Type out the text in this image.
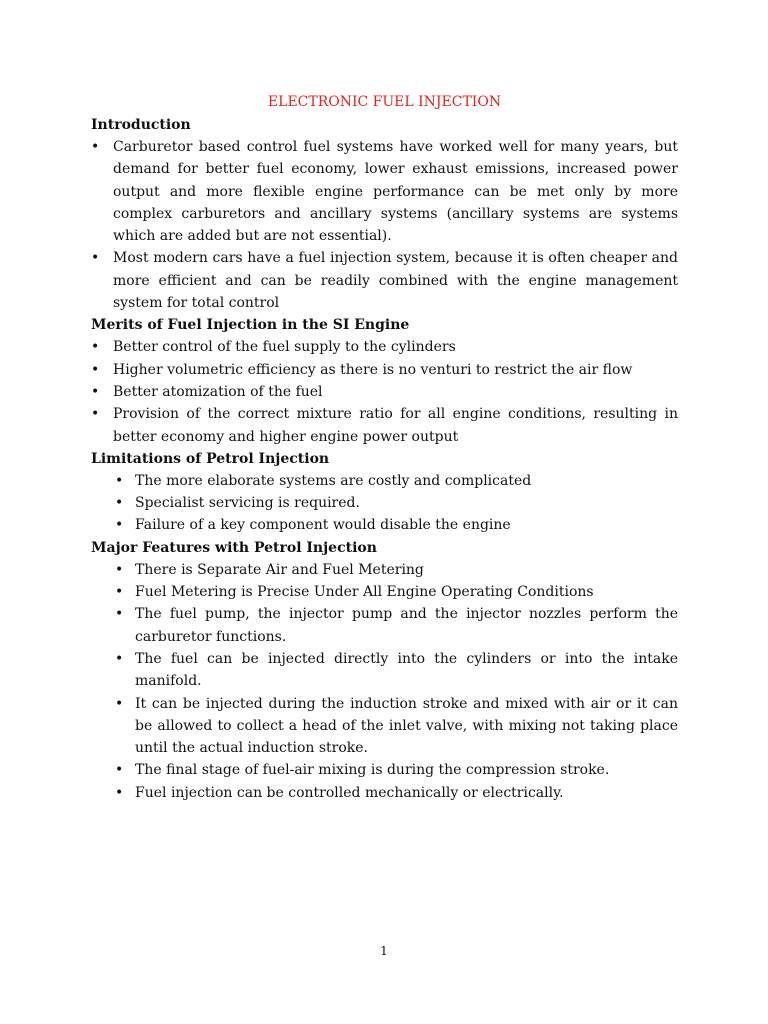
ELECTRONIC FUEL INJECTION
Introduction
• Carburetor based control fuel systems have worked well for many years, but demand for better fuel economy, lower exhaust emissions, increased power output and more flexible engine performance can be met only by more complex carburetors and ancillary systems (ancillary systems are systems which are added but are not essential).
• Most modern cars have a fuel injection system, because it is often cheaper and more efficient and can be readily combined with the engine management system for total control
Merits of Fuel Injection in the SI Engine
• Better control of the fuel supply to the cylinders
• Higher volumetric efficiency as there is no venturi to restrict the air flow
• Better atomization of the fuel
• Provision of the correct mixture ratio for all engine conditions, resulting in better economy and higher engine power output
Limitations of Petrol Injection
• The more elaborate systems are costly and complicated
• Specialist servicing is required.
• Failure of a key component would disable the engine
Major Features with Petrol Injection
• There is Separate Air and Fuel Metering
• Fuel Metering is Precise Under All Engine Operating Conditions
• The fuel pump, the injector pump and the injector nozzles perform the carburetor functions.
• The fuel can be injected directly into the cylinders or into the intake manifold.
• It can be injected during the induction stroke and mixed with air or it can be allowed to collect a head of the inlet valve, with mixing not taking place until the actual induction stroke.
• The final stage of fuel-air mixing is during the compression stroke.
• Fuel injection can be controlled mechanically or electrically.
1
